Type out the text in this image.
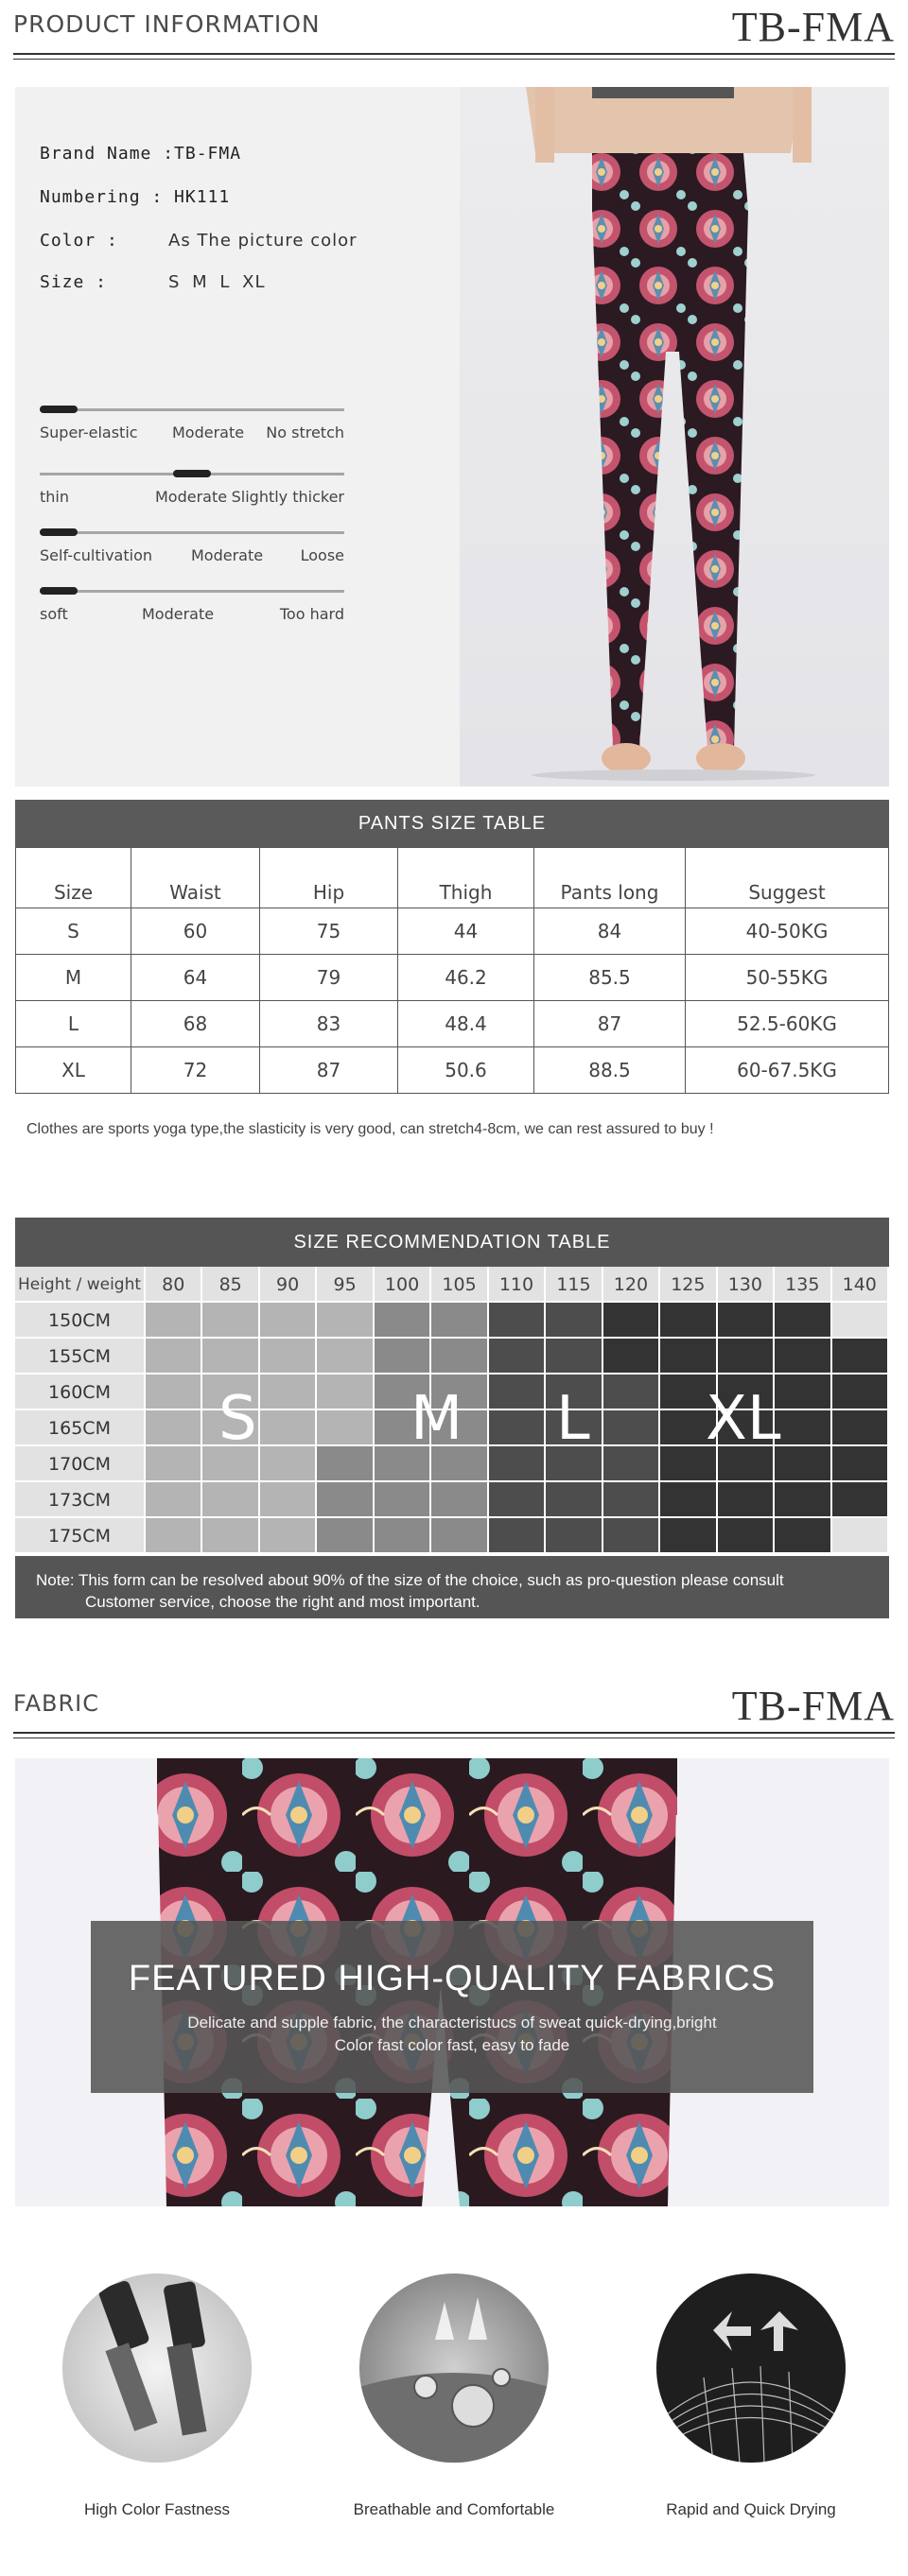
PRODUCT INFORMATION	TB-FMA
Brand Name :TB-FMA
Numbering : HK111
Color :	As The picture color
Size :	S M L XL
Super-elastic Moderate No stretch
thin	Moderate Slightly thicker
Self-cultivation	Moderate Loose
soft	Moderate	Too hard
PANTS SIZE TABLE
Size	Waist	Hip	Thigh	Pants long	Suggest
S	60	75	44	84	40-50KG
M	64	79	46.2	85.5	50-55KG
L	68	83	48.4	87	52.5-60KG
XL	72	87	50.6	88.5	60-67.5KG
Clothes are sports yoga type,the slasticity is very good, can stretch4-8cm, we can rest assured to buy !
SIZE RECOMMENDATION TABLE
Height / weight	80	85	90	95	100	105	110	115	120	125	130	135	140
150CM
155CM
160CM
165CM
170CM
173CM
175CM
S	M L XL
Note: This form can be resolved about 90% of the size of the choice, such as pro-question please consult
Customer service, choose the right and most important.
FABRIC	TB-FMA
FEATURED HIGH-QUALITY FABRICS
Delicate and supple fabric, the characteristucs of sweat quick-drying,bright
Color fast color fast, easy to fade
High Color Fastness	Breathable and Comfortable	Rapid and Quick Drying
